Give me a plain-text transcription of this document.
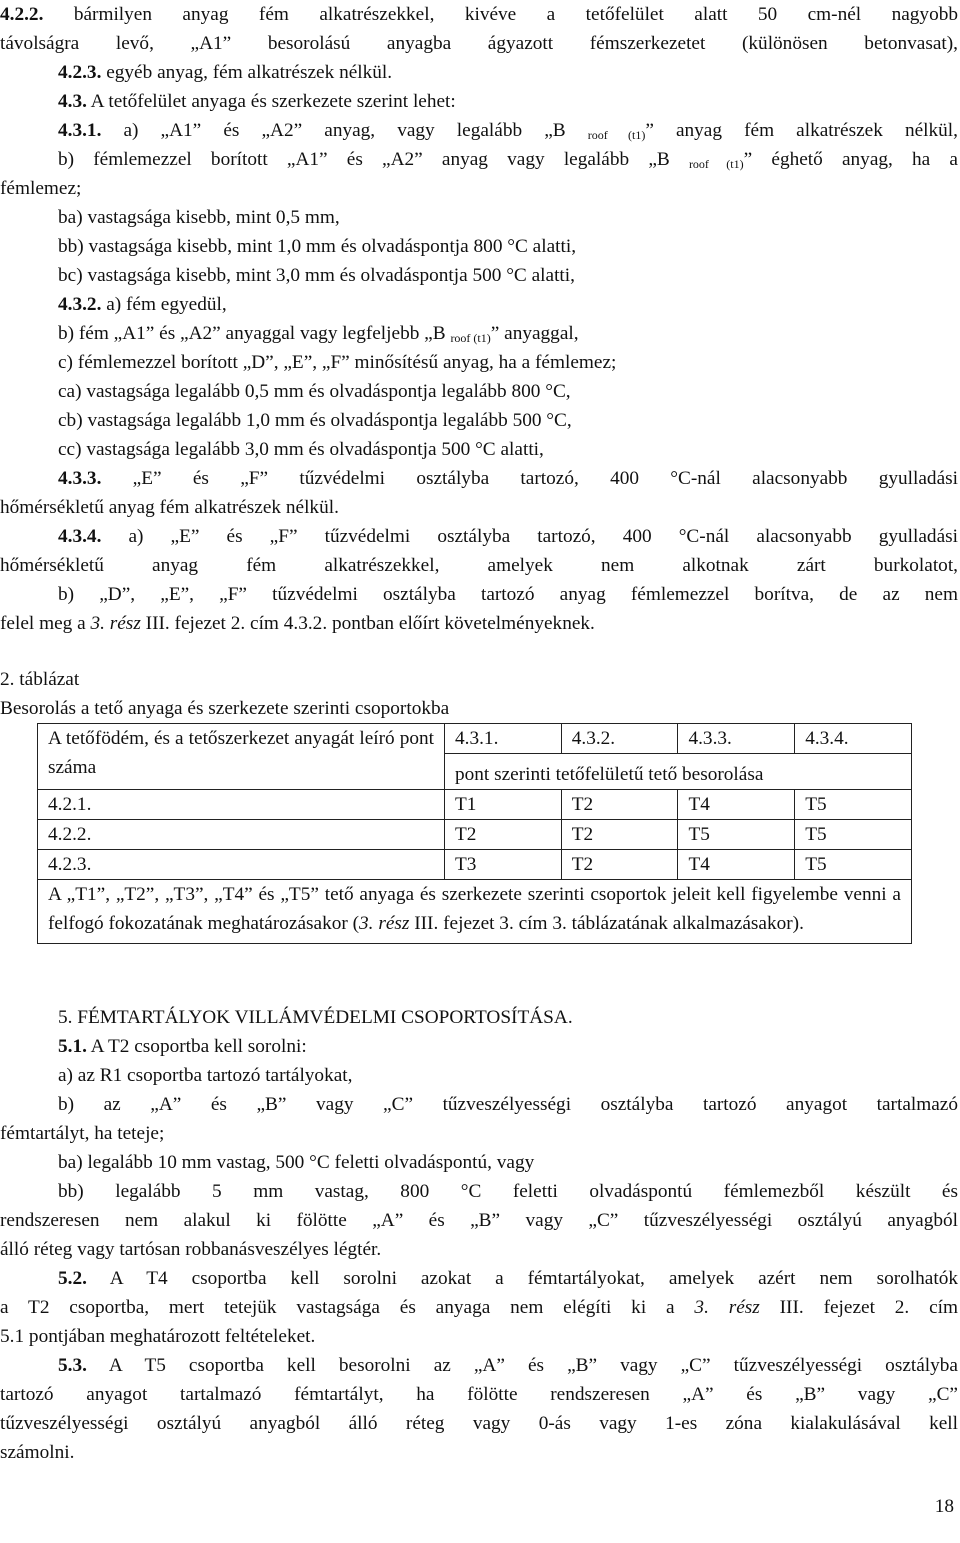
4.2.2. bármilyen anyag fém alkatrészekkel, kivéve a tetőfelület alatt 50 cm-nél nagyobb
távolságra levő, „A1” besorolású anyagba ágyazott fémszerkezetet (különösen betonvasat),
4.2.3. egyéb anyag, fém alkatrészek nélkül.
4.3. A tetőfelület anyaga és szerkezete szerint lehet:
4.3.1. a) „A1” és „A2” anyag, vagy legalább „B $_{roof (t1)}$” anyag fém alkatrészek nélkül,
b) fémlemezzel borított „A1” és „A2” anyag vagy legalább „B $_{roof (t1)}$” éghető anyag, ha a
fémlemez;
ba) vastagsága kisebb, mint 0,5 mm,
bb) vastagsága kisebb, mint 1,0 mm és olvadáspontja 800 °C alatti,
bc) vastagsága kisebb, mint 3,0 mm és olvadáspontja 500 °C alatti,
4.3.2. a) fém egyedül,
b) fém „A1” és „A2” anyaggal vagy legfeljebb „B $_{roof (t1)}$” anyaggal,
c) fémlemezzel borított „D”, „E”, „F” minősítésű anyag, ha a fémlemez;
ca) vastagsága legalább 0,5 mm és olvadáspontja legalább 800 °C,
cb) vastagsága legalább 1,0 mm és olvadáspontja legalább 500 °C,
cc) vastagsága legalább 3,0 mm és olvadáspontja 500 °C alatti,
4.3.3. „E” és „F” tűzvédelmi osztályba tartozó, 400 °C-nál alacsonyabb gyulladási
hőmérsékletű anyag fém alkatrészek nélkül.
4.3.4. a) „E” és „F” tűzvédelmi osztályba tartozó, 400 °C-nál alacsonyabb gyulladási
hőmérsékletű anyag fém alkatrészekkel, amelyek nem alkotnak zárt burkolatot,
b) „D”, „E”, „F” tűzvédelmi osztályba tartozó anyag fémlemezzel borítva, de az nem
felel meg a 3. rész III. fejezet 2. cím 4.3.2. pontban előírt követelményeknek.
2. táblázat
Besorolás a tető anyaga és szerkezete szerinti csoportokba
A tetőfödém, és a tetőszerkezet anyagát leíró pont száma	4.3.1.	4.3.2.	4.3.3.	4.3.4.
	pont szerinti tetőfelületű tető besorolása			
4.2.1.	T1	T2	T4	T5
4.2.2.	T2	T2	T5	T5
4.2.3.	T3	T2	T4	T5
A „T1”, „T2”, „T3”, „T4” és „T5” tető anyaga és szerkezete szerinti csoportok jeleit kell figyelembe venni a felfogó fokozatának meghatározásakor (3. rész III. fejezet 3. cím 3. táblázatának alkalmazásakor).				
5. FÉMTARTÁLYOK VILLÁMVÉDELMI CSOPORTOSÍTÁSA.
5.1. A T2 csoportba kell sorolni:
a) az R1 csoportba tartozó tartályokat,
b) az „A” és „B” vagy „C” tűzveszélyességi osztályba tartozó anyagot tartalmazó
fémtartályt, ha teteje;
ba) legalább 10 mm vastag, 500 °C feletti olvadáspontú, vagy
bb) legalább 5 mm vastag, 800 °C feletti olvadáspontú fémlemezből készült és
rendszeresen nem alakul ki fölötte „A” és „B” vagy „C” tűzveszélyességi osztályú anyagból
álló réteg vagy tartósan robbanásveszélyes légtér.
5.2. A T4 csoportba kell sorolni azokat a fémtartályokat, amelyek azért nem sorolhatók
a T2 csoportba, mert tetejük vastagsága és anyaga nem elégíti ki a 3. rész III. fejezet 2. cím
5.1 pontjában meghatározott feltételeket.
5.3. A T5 csoportba kell besorolni az „A” és „B” vagy „C” tűzveszélyességi osztályba
tartozó anyagot tartalmazó fémtartályt, ha fölötte rendszeresen „A” és „B” vagy „C”
tűzveszélyességi osztályú anyagból álló réteg vagy 0-ás vagy 1-es zóna kialakulásával kell
számolni.
18
